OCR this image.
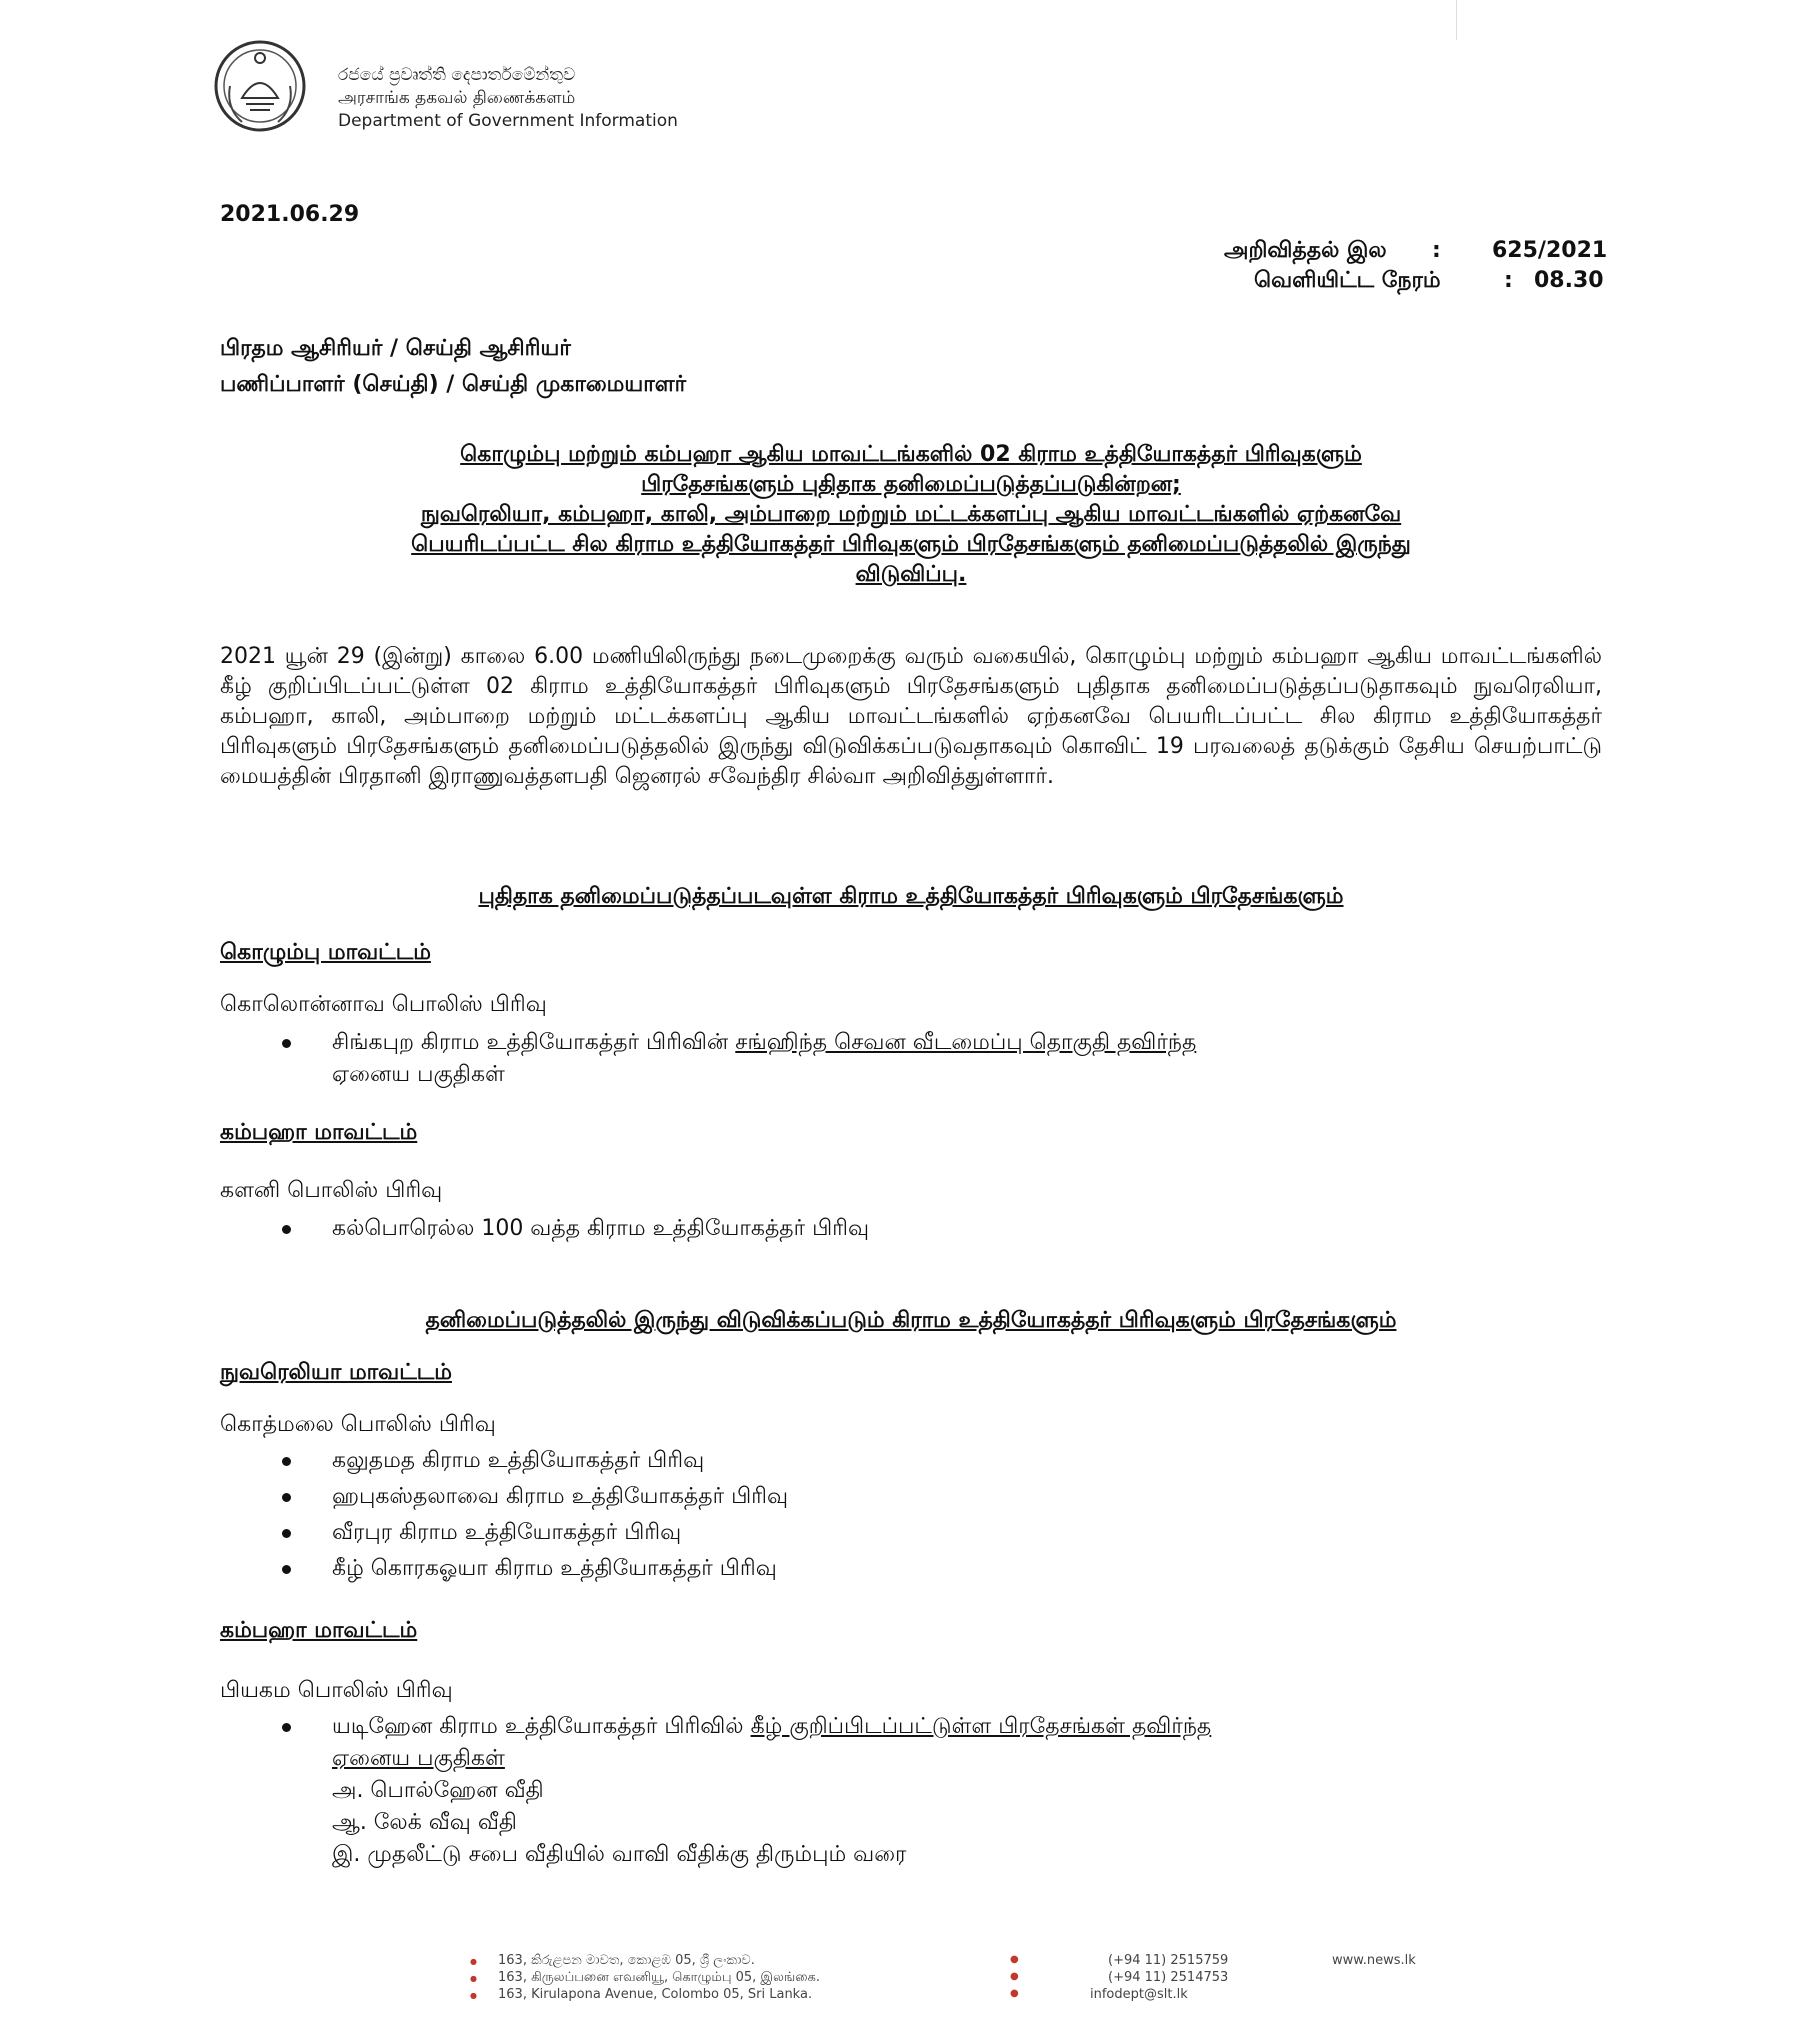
රජයේ ප්‍රවෘත්ති දෙපාර්තමේන්තුව
அரசாங்க தகவல் திணைக்களம்
Department of Government Information
2021.06.29
அறிவித்தல் இல : 625/2021
வெளியிட்ட நேரம்	: 08.30
பிரதம ஆசிரியர் / செய்தி ஆசிரியர்
பணிப்பாளர் (செய்தி) / செய்தி முகாமையாளர்
கொழும்பு மற்றும் கம்பஹா ஆகிய மாவட்டங்களில் 02 கிராம உத்தியோகத்தர் பிரிவுகளும்
பிரதேசங்களும் புதிதாக தனிமைப்படுத்தப்படுகின்றன;
நுவரெலியா, கம்பஹா, காலி, அம்பாறை மற்றும் மட்டக்களப்பு ஆகிய மாவட்டங்களில் ஏற்கனவே
பெயரிடப்பட்ட சில கிராம உத்தியோகத்தர் பிரிவுகளும் பிரதேசங்களும் தனிமைப்படுத்தலில் இருந்து
விடுவிப்பு.
2021 யூன் 29 (இன்று) காலை 6.00 மணியிலிருந்து நடைமுறைக்கு வரும் வகையில், கொழும்பு மற்றும் கம்பஹா ஆகிய மாவட்டங்களில் கீழ் குறிப்பிடப்பட்டுள்ள 02 கிராம உத்தியோகத்தர் பிரிவுகளும் பிரதேசங்களும் புதிதாக தனிமைப்படுத்தப்படுதாகவும் நுவரெலியா, கம்பஹா, காலி, அம்பாறை மற்றும் மட்டக்களப்பு ஆகிய மாவட்டங்களில் ஏற்கனவே பெயரிடப்பட்ட சில கிராம உத்தியோகத்தர் பிரிவுகளும் பிரதேசங்களும் தனிமைப்படுத்தலில் இருந்து விடுவிக்கப்படுவதாகவும் கொவிட் 19 பரவலைத் தடுக்கும் தேசிய செயற்பாட்டு மையத்தின் பிரதானி இராணுவத்தளபதி ஜெனரல் சவேந்திர சில்வா அறிவித்துள்ளார்.
புதிதாக தனிமைப்படுத்தப்படவுள்ள கிராம உத்தியோகத்தர் பிரிவுகளும் பிரதேசங்களும்
கொழும்பு மாவட்டம்
கொலொன்னாவ பொலிஸ் பிரிவு
சிங்கபுற கிராம உத்தியோகத்தர் பிரிவின் சங்ஹிந்த செவன வீடமைப்பு தொகுதி தவிர்ந்த
ஏனைய பகுதிகள்
கம்பஹா மாவட்டம்
களனி பொலிஸ் பிரிவு
கல்பொரெல்ல 100 வத்த கிராம உத்தியோகத்தர் பிரிவு
தனிமைப்படுத்தலில் இருந்து விடுவிக்கப்படும் கிராம உத்தியோகத்தர் பிரிவுகளும் பிரதேசங்களும்
நுவரெலியா மாவட்டம்
கொத்மலை பொலிஸ் பிரிவு
கலுதமத கிராம உத்தியோகத்தர் பிரிவு
ஹபுகஸ்தலாவை கிராம உத்தியோகத்தர் பிரிவு
வீரபுர கிராம உத்தியோகத்தர் பிரிவு
கீழ் கொரகஓயா கிராம உத்தியோகத்தர் பிரிவு
கம்பஹா மாவட்டம்
பியகம பொலிஸ் பிரிவு
யடிஹேன கிராம உத்தியோகத்தர் பிரிவில் கீழ் குறிப்பிடப்பட்டுள்ள பிரதேசங்கள் தவிர்ந்த
ஏனைய பகுதிகள்
அ. பொல்ஹேன வீதி
ஆ. லேக் வீவு வீதி
இ. முதலீட்டு சபை வீதியில் வாவி வீதிக்கு திரும்பும் வரை
●
●
●
163, කිරුළපන මාවත, කොළඹ 05, ශ්‍රී ලංකාව.
163, கிருலப்பனை எவனியூ, கொழும்பு 05, இலங்கை.
163, Kirulapona Avenue, Colombo 05, Sri Lanka.
●
●
●
(+94 11) 2515759
(+94 11) 2514753
infodept@slt.lk
www.news.lk
